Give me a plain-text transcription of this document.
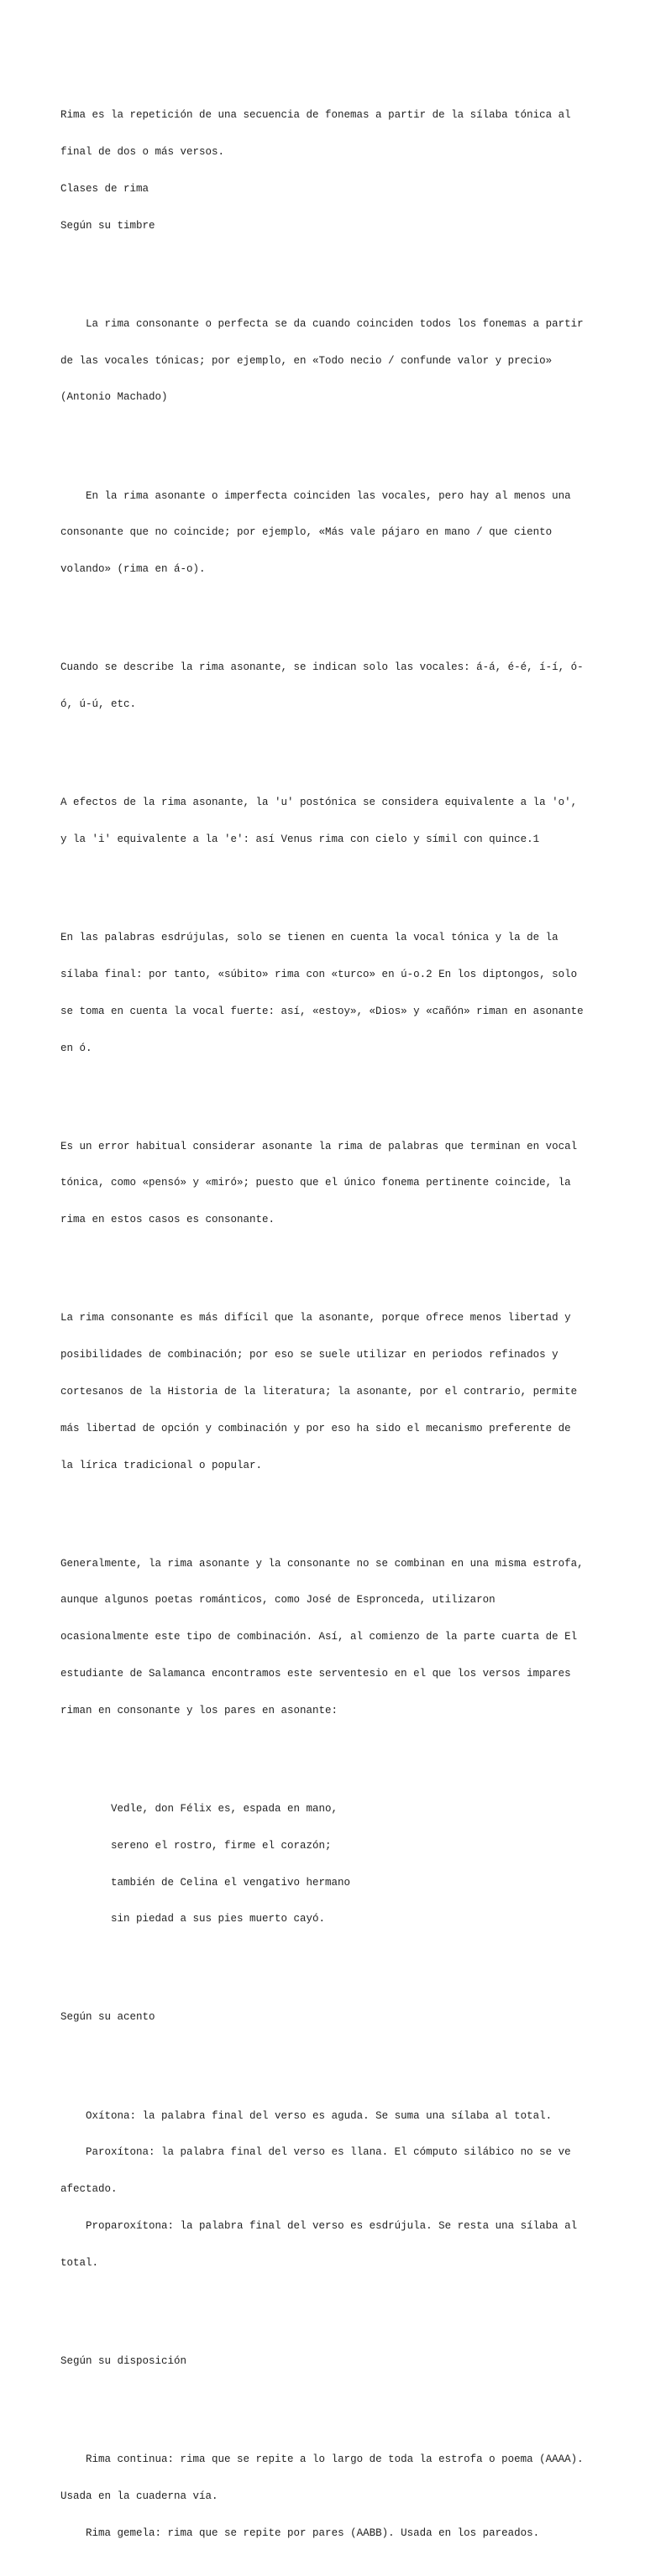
Rima es la repetición de una secuencia de fonemas a partir de la sílaba tónica al

final de dos o más versos.

Clases de rima

Según su timbre

La rima consonante o perfecta se da cuando coinciden todos los fonemas a partir

de las vocales tónicas; por ejemplo, en «Todo necio / confunde valor y precio»

(Antonio Machado)

En la rima asonante o imperfecta coinciden las vocales, pero hay al menos una

consonante que no coincide; por ejemplo, «Más vale pájaro en mano / que ciento

volando» (rima en á-o).

Cuando se describe la rima asonante, se indican solo las vocales: á-á, é-é, í-í, ó-

ó, ú-ú, etc.

A efectos de la rima asonante, la 'u' postónica se considera equivalente a la 'o',

y la 'i' equivalente a la 'e': así Venus rima con cielo y símil con quince.1

En las palabras esdrújulas, solo se tienen en cuenta la vocal tónica y la de la

sílaba final: por tanto, «súbito» rima con «turco» en ú-o.2 En los diptongos, solo

se toma en cuenta la vocal fuerte: así, «estoy», «Dios» y «cañón» riman en asonante

en ó.

Es un error habitual considerar asonante la rima de palabras que terminan en vocal

tónica, como «pensó» y «miró»; puesto que el único fonema pertinente coincide, la

rima en estos casos es consonante.

La rima consonante es más difícil que la asonante, porque ofrece menos libertad y

posibilidades de combinación; por eso se suele utilizar en periodos refinados y

cortesanos de la Historia de la literatura; la asonante, por el contrario, permite

más libertad de opción y combinación y por eso ha sido el mecanismo preferente de

la lírica tradicional o popular.

Generalmente, la rima asonante y la consonante no se combinan en una misma estrofa,

aunque algunos poetas románticos, como José de Espronceda, utilizaron

ocasionalmente este tipo de combinación. Así, al comienzo de la parte cuarta de El

estudiante de Salamanca encontramos este serventesio en el que los versos impares

riman en consonante y los pares en asonante:

Vedle, don Félix es, espada en mano,

sereno el rostro, firme el corazón;

también de Celina el vengativo hermano

sin piedad a sus pies muerto cayó.

Según su acento

Oxítona: la palabra final del verso es aguda. Se suma una sílaba al total.

Paroxítona: la palabra final del verso es llana. El cómputo silábico no se ve

afectado.

Proparoxítona: la palabra final del verso es esdrújula. Se resta una sílaba al

total.

Según su disposición

Rima continua: rima que se repite a lo largo de toda la estrofa o poema (AAAA).

Usada en la cuaderna vía.

Rima gemela: rima que se repite por pares (AABB). Usada en los pareados.
